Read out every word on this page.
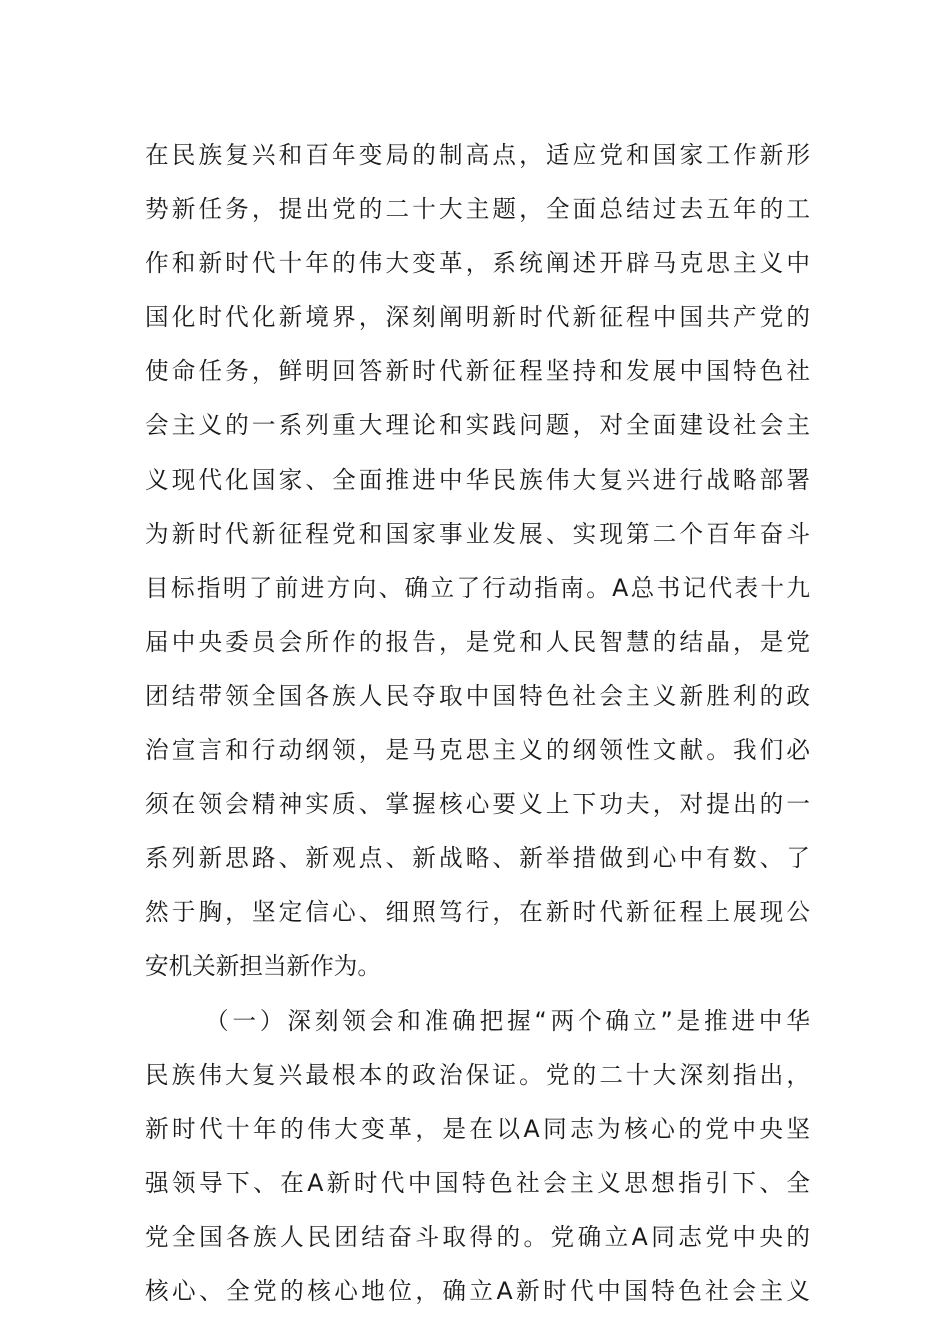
在民族复兴和百年变局的制高点，适应党和国家工作新形
势新任务，提出党的二十大主题，全面总结过去五年的工
作和新时代十年的伟大变革，系统阐述开辟马克思主义中
国化时代化新境界，深刻阐明新时代新征程中国共产党的
使命任务，鲜明回答新时代新征程坚持和发展中国特色社
会主义的一系列重大理论和实践问题，对全面建设社会主
义现代化国家、全面推进中华民族伟大复兴进行战略部署
为新时代新征程党和国家事业发展、实现第二个百年奋斗
目标指明了前进方向、确立了行动指南。A总书记代表十九
届中央委员会所作的报告，是党和人民智慧的结晶，是党
团结带领全国各族人民夺取中国特色社会主义新胜利的政
治宣言和行动纲领，是马克思主义的纲领性文献。我们必
须在领会精神实质、掌握核心要义上下功夫，对提出的一
系列新思路、新观点、新战略、新举措做到心中有数、了
然于胸，坚定信心、细照笃行，在新时代新征程上展现公
安机关新担当新作为。
（一）深刻领会和准确把握“两个确立”是推进中华
民族伟大复兴最根本的政治保证。党的二十大深刻指出，
新时代十年的伟大变革，是在以A同志为核心的党中央坚
强领导下、在A新时代中国特色社会主义思想指引下、全
党全国各族人民团结奋斗取得的。党确立A同志党中央的
核心、全党的核心地位，确立A新时代中国特色社会主义
